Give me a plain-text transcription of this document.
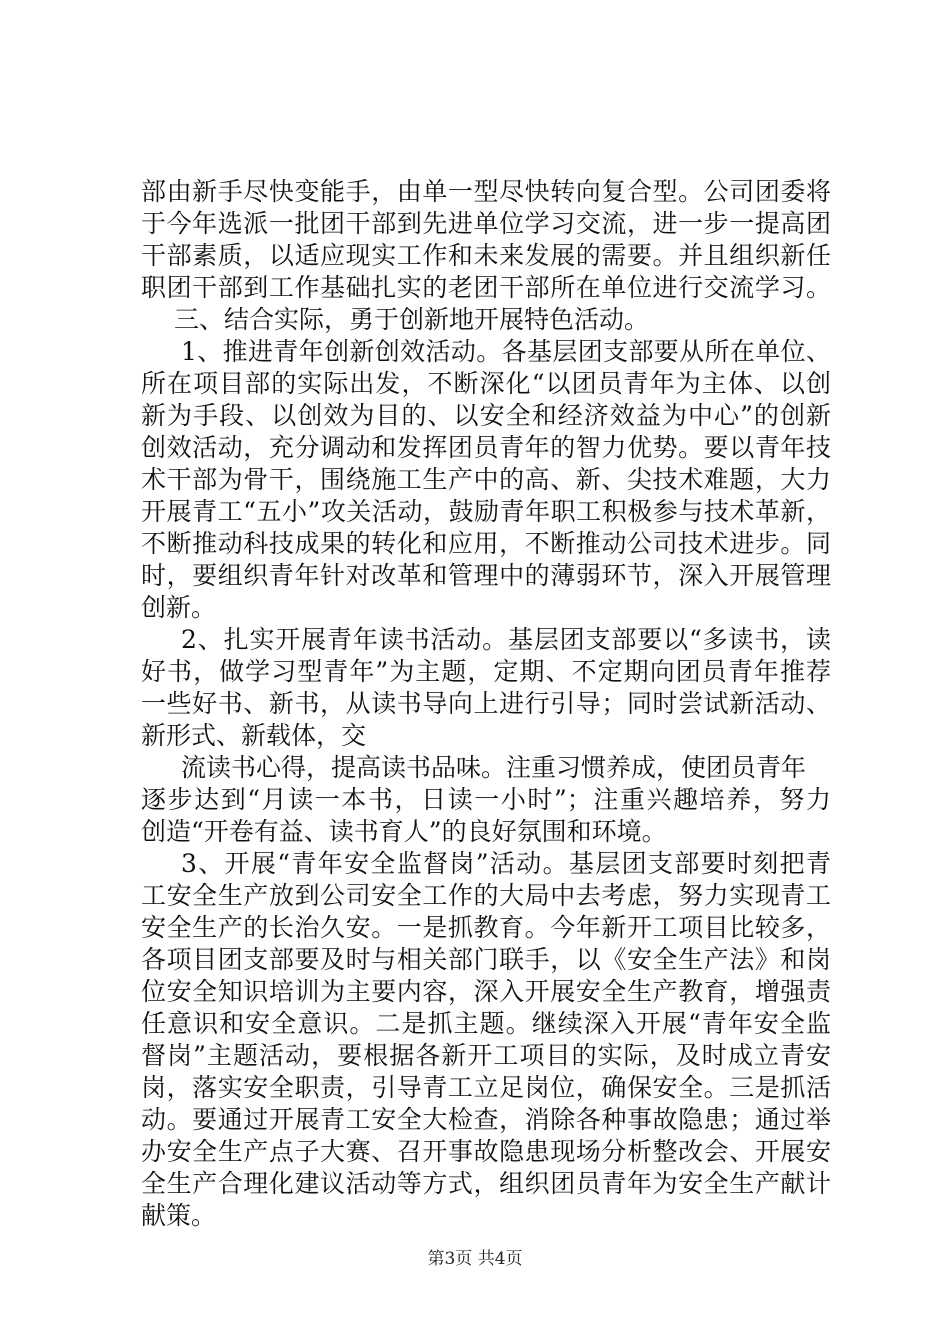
部由新手尽快变能手，由单一型尽快转向复合型。公司团委将
于今年选派一批团干部到先进单位学习交流，进一步一提高团
干部素质，以适应现实工作和未来发展的需要。并且组织新任
职团干部到工作基础扎实的老团干部所在单位进行交流学习。
三、结合实际，勇于创新地开展特色活动。
1、推进青年创新创效活动。各基层团支部要从所在单位、
所在项目部的实际出发，不断深化“以团员青年为主体、以创
新为手段、以创效为目的、以安全和经济效益为中心”的创新
创效活动，充分调动和发挥团员青年的智力优势。要以青年技
术干部为骨干，围绕施工生产中的高、新、尖技术难题，大力
开展青工“五小”攻关活动，鼓励青年职工积极参与技术革新，
不断推动科技成果的转化和应用，不断推动公司技术进步。同
时，要组织青年针对改革和管理中的薄弱环节，深入开展管理
创新。
2、扎实开展青年读书活动。基层团支部要以“多读书，读
好书，做学习型青年”为主题，定期、不定期向团员青年推荐
一些好书、新书，从读书导向上进行引导；同时尝试新活动、
新形式、新载体，交
流读书心得，提高读书品味。注重习惯养成，使团员青年
逐步达到“月读一本书，日读一小时”；注重兴趣培养，努力
创造“开卷有益、读书育人”的良好氛围和环境。
3、开展“青年安全监督岗”活动。基层团支部要时刻把青
工安全生产放到公司安全工作的大局中去考虑，努力实现青工
安全生产的长治久安。一是抓教育。今年新开工项目比较多，
各项目团支部要及时与相关部门联手，以《安全生产法》和岗
位安全知识培训为主要内容，深入开展安全生产教育，增强责
任意识和安全意识。二是抓主题。继续深入开展“青年安全监
督岗”主题活动，要根据各新开工项目的实际，及时成立青安
岗，落实安全职责，引导青工立足岗位，确保安全。三是抓活
动。要通过开展青工安全大检查，消除各种事故隐患；通过举
办安全生产点子大赛、召开事故隐患现场分析整改会、开展安
全生产合理化建议活动等方式，组织团员青年为安全生产献计
献策。
第3页 共4页
